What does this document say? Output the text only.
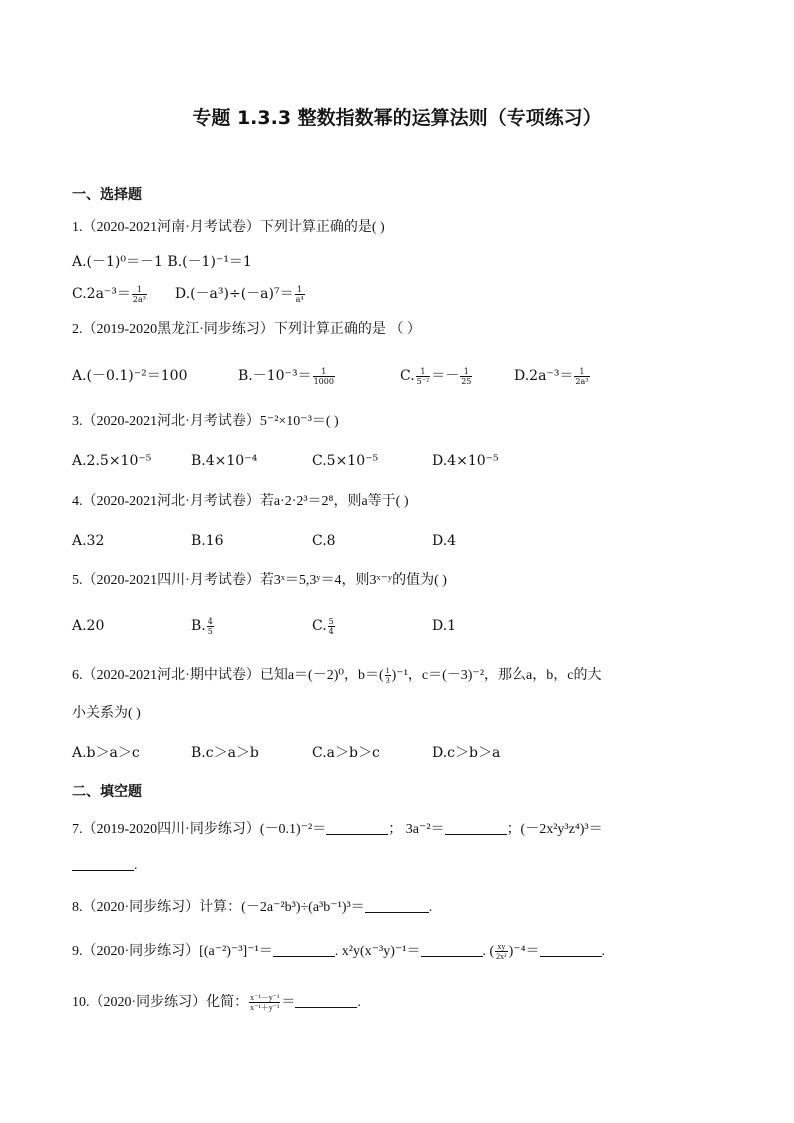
专题 1.3.3 整数指数幂的运算法则（专项练习）
一、选择题
1.（2020-2021河南·月考试卷）下列计算正确的是( )
A.(－1)⁰＝－1 B.(－1)⁻¹＝1
$C.2a^{-3}= \frac{1}{\text{2a³}} D.(-a^3)\div(-a)^7= \frac{1}{\text{a⁴}}$
2.（2019-2020黑龙江·同步练习）下列计算正确的是 （ ）
A.(－0.1)⁻²＝100	$B.-10^{-3}= \frac{1}{1000}$	C. $\frac{1}{\text{5⁻²}} =- \frac{1}{25}$	$D.2a^{-3}= \frac{1}{\text{2a³}}$
3.（2020-2021河北·月考试卷）5⁻²×10⁻³＝( )
A.2.5×10⁻⁵	B.4×10⁻⁴	C.5×10⁻⁵	D.4×10⁻⁵
4.（2020-2021河北·月考试卷）若a·2·2³＝2⁸，则a等于( )
A.32	B.16	C.8	D.4
5.（2020-2021四川·月考试卷）若3ˣ＝5,3ʸ＝4，则3ˣ⁻ʸ的值为( )
A.20	B. $\frac{4}{5}$	C. $\frac{5}{4}$	D.1
6.（2020-2021河北·期中试卷）已知a＝(－2)⁰，$b=( \frac{1}{3} )^{-1}$，c＝(－3)⁻²，那么a，b，c的大
小关系为( )
A.b＞a＞c	B.c＞a＞b	C.a＞b＞c	D.c＞b＞a
二、填空题
7.（2019-2020四川·同步练习）(－0.1)⁻²＝	； 3a⁻²＝	；(－2x²y³z⁴)³＝
.
8.（2020·同步练习）计算：(－2a⁻²b³)÷(a³b⁻¹)³＝	.
9.（2020·同步练习）[(a⁻²)⁻³]⁻¹＝	. x²y(x⁻³y)⁻¹＝	. ( $\frac{xy}{\text{2x²}} )^{-4}=$	.
10.（2020·同步练习）化简： $\frac{\text{x⁻¹－y⁻¹}}{\text{x⁻¹＋y⁻¹}}$ ＝	.
